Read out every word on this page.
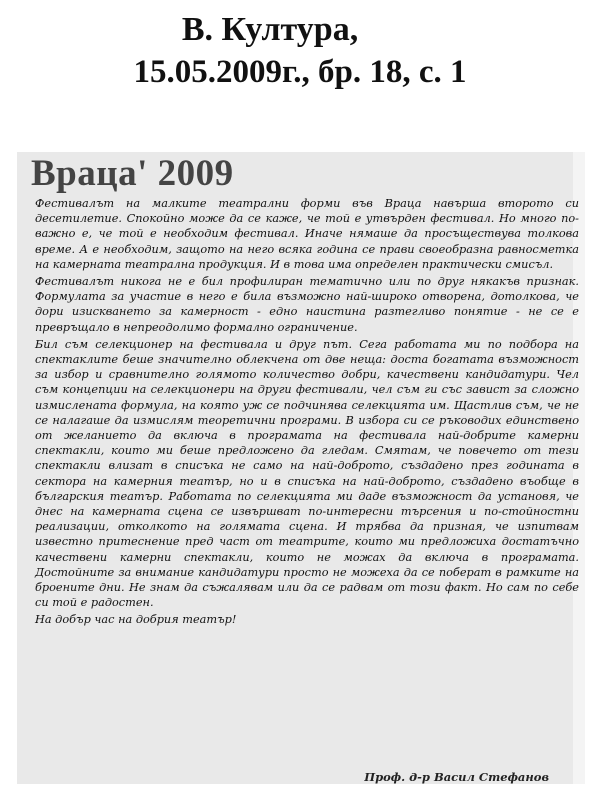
В. Култура,
15.05.2009г., бр. 18, с. 1
Враца' 2009

Фестивалът на малките театрални форми във Враца навърша второто си десетилетие. Спокойно може да се каже, че той е утвърден фестивал. Но много по-важно е, че той е необходим фестивал. Иначе нямаше да просъществува толкова време. А е необходим, защото на него всяка година се прави своеобразна равносметка на камерната театрална продукция. И в това има определен практически смисъл.

Фестивалът никога не е бил профилиран тематично или по друг някакъв признак. Формулата за участие в него е била възможно най-широко отворена, дотолкова, че дори изискването за камерност - едно наистина разтегливо понятие - не се е превръщало в непреодолимо формално ограничение.

Бил съм селекционер на фестивала и друг път. Сега работата ми по подбора на спектаклите беше значително облекчена от две неща: доста богатата възможност за избор и сравнително голямото количество добри, качествени кандидатури. Чел съм концепции на селекционери на други фестивали, чел съм ги със завист за сложно измислената формула, на която уж се подчинява селекцията им. Щастлив съм, че не се налагаше да измислям теоретични програми. В избора си се ръководих единствено от желанието да включа в програмата на фестивала най-добрите камерни спектакли, които ми беше предложено да гледам. Смятам, че повечето от тези спектакли влизат в списъка не само на най-доброто, създадено през годината в сектора на камерния театър, но и в списъка на най-доброто, създадено въобще в българския театър. Работата по селекцията ми даде възможност да установя, че днес на камерната сцена се извършват по-интересни търсения и по-стойностни реализации, отколкото на голямата сцена. И трябва да призная, че изпитвам известно притеснение пред част от театрите, които ми предложиха достатъчно качествени камерни спектакли, които не можах да включа в програмата. Достойните за внимание кандидатури просто не можеха да се поберат в рамките на броените дни. Не знам да съжалявам или да се радвам от този факт. Но сам по себе си той е радостен.

На добър час на добрия театър!

Проф. д-р Васил Стефанов
